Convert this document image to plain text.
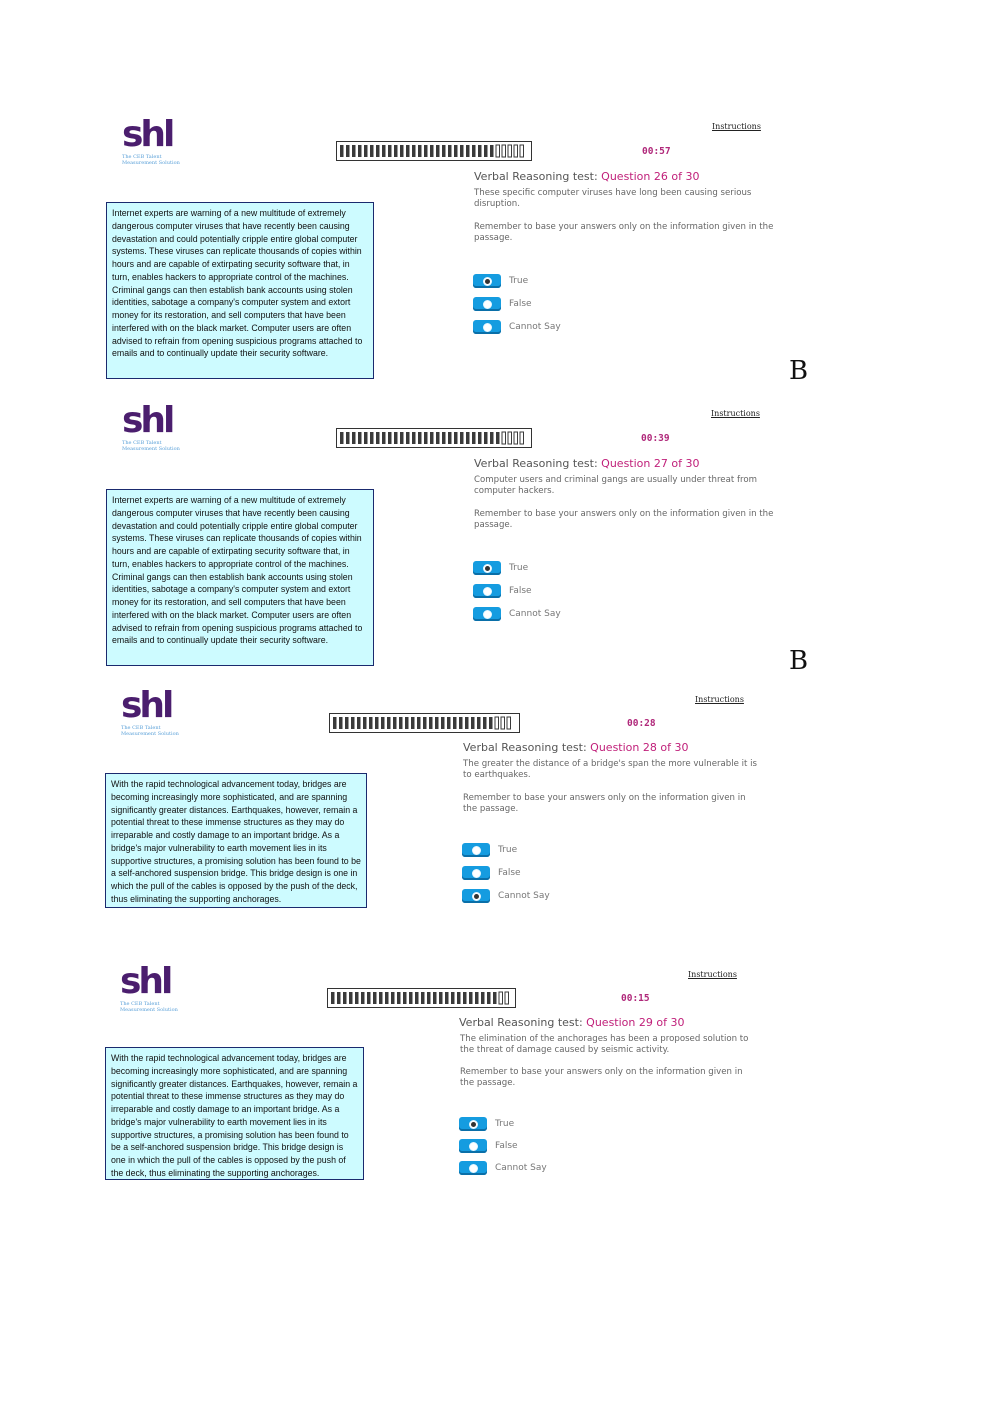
shl
The CEB Talent Measurement Solution
Instructions
00:57
Verbal Reasoning test: Question 26 of 30
These specific computer viruses have long been causing serious disruption.
Remember to base your answers only on the information given in the passage.
Internet experts are warning of a new multitude of extremely dangerous computer viruses that have recently been causing devastation and could potentially cripple entire global computer systems. These viruses can replicate thousands of copies within hours and are capable of extirpating security software that, in turn, enables hackers to appropriate control of the machines. Criminal gangs can then establish bank accounts using stolen identities, sabotage a company's computer system and extort money for its restoration, and sell computers that have been interfered with on the black market. Computer users are often advised to refrain from opening suspicious programs attached to emails and to continually update their security software.
True
False
Cannot Say
B
shl
The CEB Talent Measurement Solution
Instructions
00:39
Verbal Reasoning test: Question 27 of 30
Computer users and criminal gangs are usually under threat from computer hackers.
Remember to base your answers only on the information given in the passage.
Internet experts are warning of a new multitude of extremely dangerous computer viruses that have recently been causing devastation and could potentially cripple entire global computer systems. These viruses can replicate thousands of copies within hours and are capable of extirpating security software that, in turn, enables hackers to appropriate control of the machines. Criminal gangs can then establish bank accounts using stolen identities, sabotage a company's computer system and extort money for its restoration, and sell computers that have been interfered with on the black market. Computer users are often advised to refrain from opening suspicious programs attached to emails and to continually update their security software.
True
False
Cannot Say
B
shl
The CEB Talent Measurement Solution
Instructions
00:28
Verbal Reasoning test: Question 28 of 30
The greater the distance of a bridge's span the more vulnerable it is to earthquakes.
Remember to base your answers only on the information given in the passage.
With the rapid technological advancement today, bridges are becoming increasingly more sophisticated, and are spanning significantly greater distances. Earthquakes, however, remain a potential threat to these immense structures as they may do irreparable and costly damage to an important bridge. As a bridge's major vulnerability to earth movement lies in its supportive structures, a promising solution has been found to be a self-anchored suspension bridge. This bridge design is one in which the pull of the cables is opposed by the push of the deck, thus eliminating the supporting anchorages.
True
False
Cannot Say
shl
The CEB Talent Measurement Solution
Instructions
00:15
Verbal Reasoning test: Question 29 of 30
The elimination of the anchorages has been a proposed solution to the threat of damage caused by seismic activity.
Remember to base your answers only on the information given in the passage.
With the rapid technological advancement today, bridges are becoming increasingly more sophisticated, and are spanning significantly greater distances. Earthquakes, however, remain a potential threat to these immense structures as they may do irreparable and costly damage to an important bridge. As a bridge's major vulnerability to earth movement lies in its supportive structures, a promising solution has been found to be a self-anchored suspension bridge. This bridge design is one in which the pull of the cables is opposed by the push of the deck, thus eliminating the supporting anchorages.
True
False
Cannot Say
